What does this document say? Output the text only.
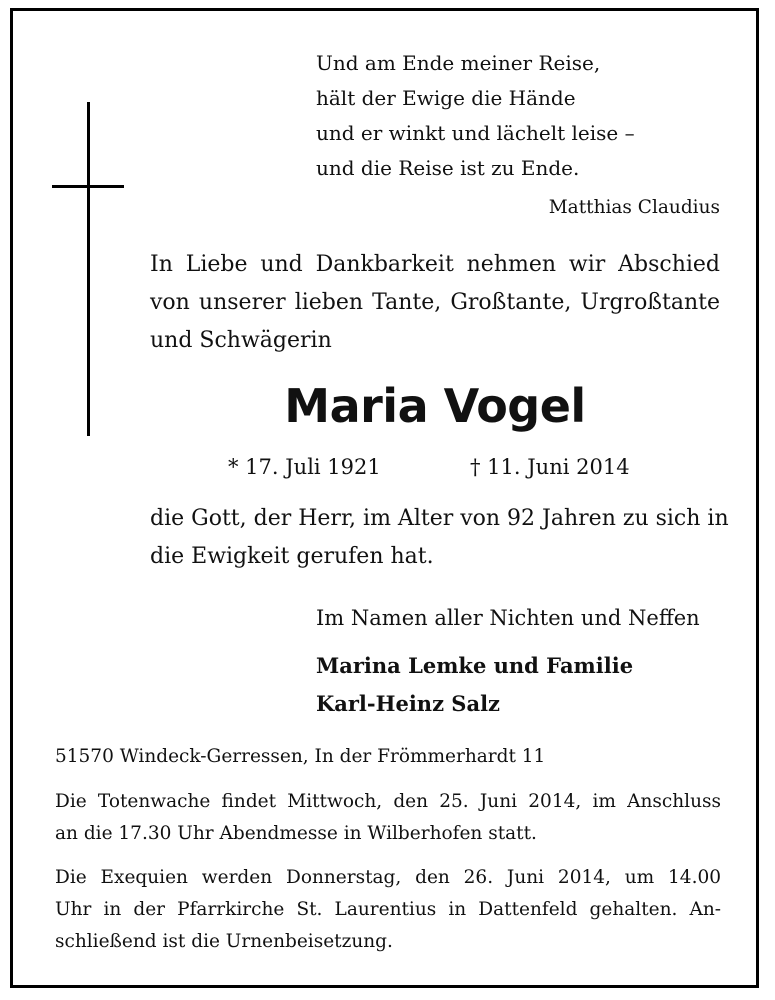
Und am Ende meiner Reise,
hält der Ewige die Hände
und er winkt und lächelt leise –
und die Reise ist zu Ende.
Matthias Claudius
In Liebe und Dankbarkeit nehmen wir Abschied
von unserer lieben Tante, Großtante, Urgroßtante
und Schwägerin
Maria Vogel
* 17. Juli 1921	† 11. Juni 2014
die Gott, der Herr, im Alter von 92 Jahren zu sich in
die Ewigkeit gerufen hat.
Im Namen aller Nichten und Neffen
Marina Lemke und Familie
Karl-Heinz Salz
51570 Windeck-Gerressen, In der Frömmerhardt 11
Die Totenwache findet Mittwoch, den 25. Juni 2014, im Anschluss
an die 17.30 Uhr Abendmesse in Wilberhofen statt.
Die Exequien werden Donnerstag, den 26. Juni 2014, um 14.00
Uhr in der Pfarrkirche St. Laurentius in Dattenfeld gehalten. An-
schließend ist die Urnenbeisetzung.
